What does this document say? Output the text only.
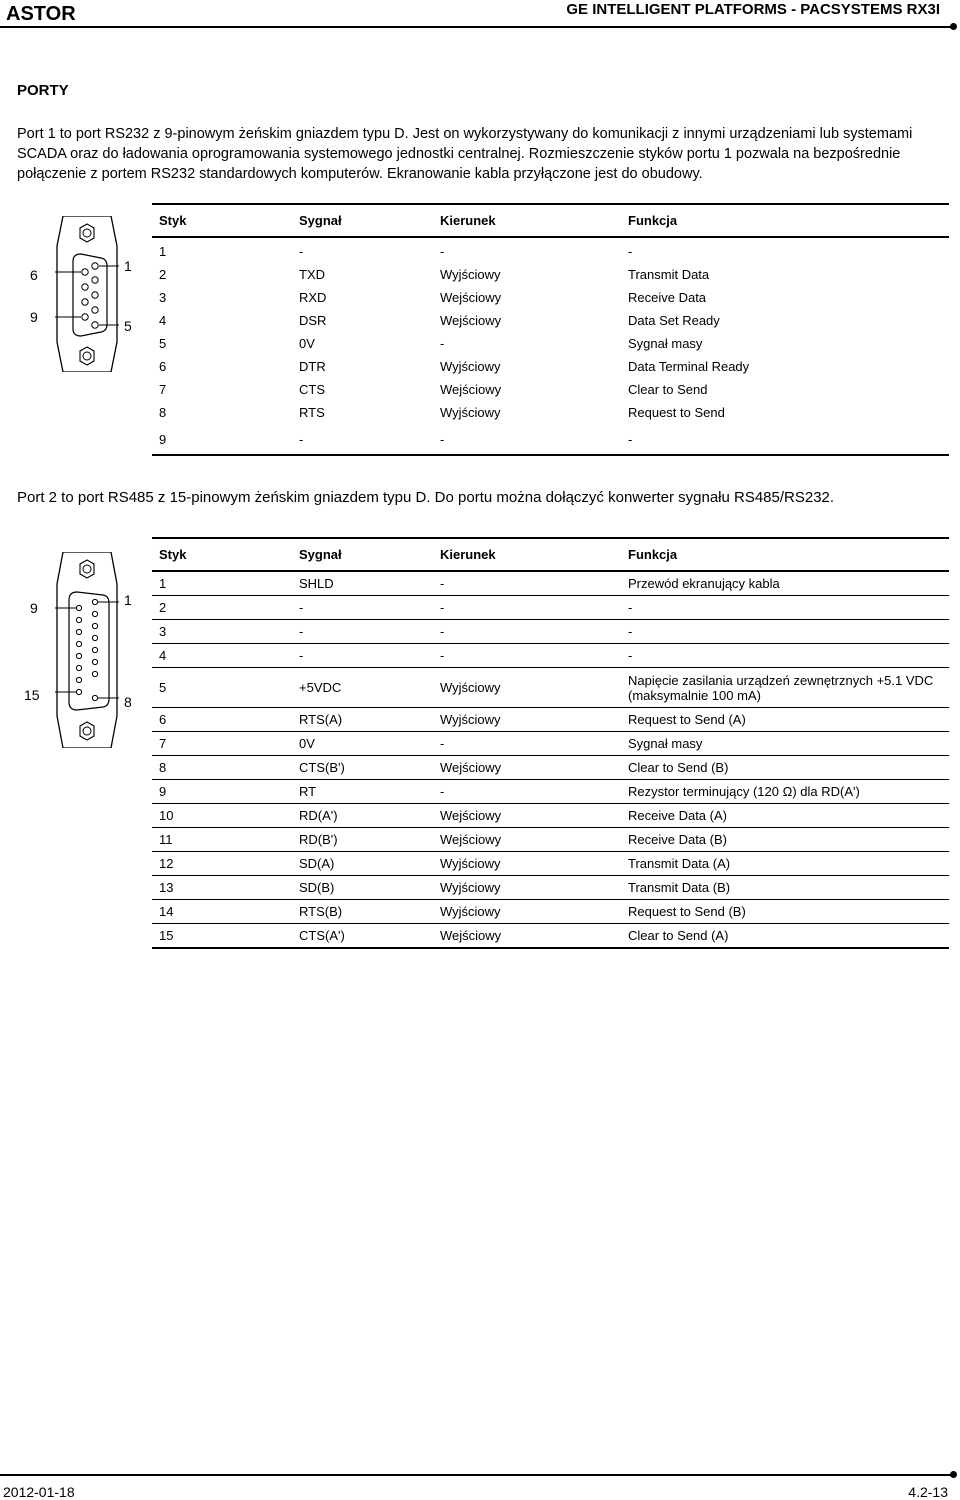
ASTOR	GE INTELLIGENT PLATFORMS - PACSYSTEMS RX3I
PORTY

Port 1 to port RS232 z 9-pinowym żeńskim gniazdem typu D. Jest on wykorzystywany do komunikacji z innymi urządzeniami lub systemami SCADA oraz do ładowania oprogramowania systemowego jednostki centralnej. Rozmieszczenie styków portu 1 pozwala na bezpośrednie połączenie z portem RS232 standardowych komputerów. Ekranowanie kabla przyłączone jest do obudowy.

6
1
9
5
Styk	Sygnał	Kierunek	Funkcja
1	-	-	-
2	TXD	Wyjściowy	Transmit Data
3	RXD	Wejściowy	Receive Data
4	DSR	Wejściowy	Data Set Ready
5	0V	-	Sygnał masy
6	DTR	Wyjściowy	Data Terminal Ready
7	CTS	Wejściowy	Clear to Send
8	RTS	Wyjściowy	Request to Send
9	-	-	-

Port 2 to port RS485 z 15-pinowym żeńskim gniazdem typu D. Do portu można dołączyć konwerter sygnału RS485/RS232.

9	1
15	8
Styk	Sygnał	Kierunek	Funkcja
1	SHLD	-	Przewód ekranujący kabla
2	-	-	-
3	-	-	-
4	-	-	-
5	+5VDC	Wyjściowy	Napięcie zasilania urządzeń zewnętrznych +5.1 VDC (maksymalnie 100 mA)
6	RTS(A)	Wyjściowy	Request to Send (A)
7	0V	-	Sygnał masy
8	CTS(B')	Wejściowy	Clear to Send (B)
9	RT	-	Rezystor terminujący (120 Ω) dla RD(A')
10	RD(A')	Wejściowy	Receive Data (A)
11	RD(B')	Wejściowy	Receive Data (B)
12	SD(A)	Wyjściowy	Transmit Data (A)
13	SD(B)	Wyjściowy	Transmit Data (B)
14	RTS(B)	Wyjściowy	Request to Send (B)
15	CTS(A')	Wejściowy	Clear to Send (A)
2012-01-18	4.2-13
